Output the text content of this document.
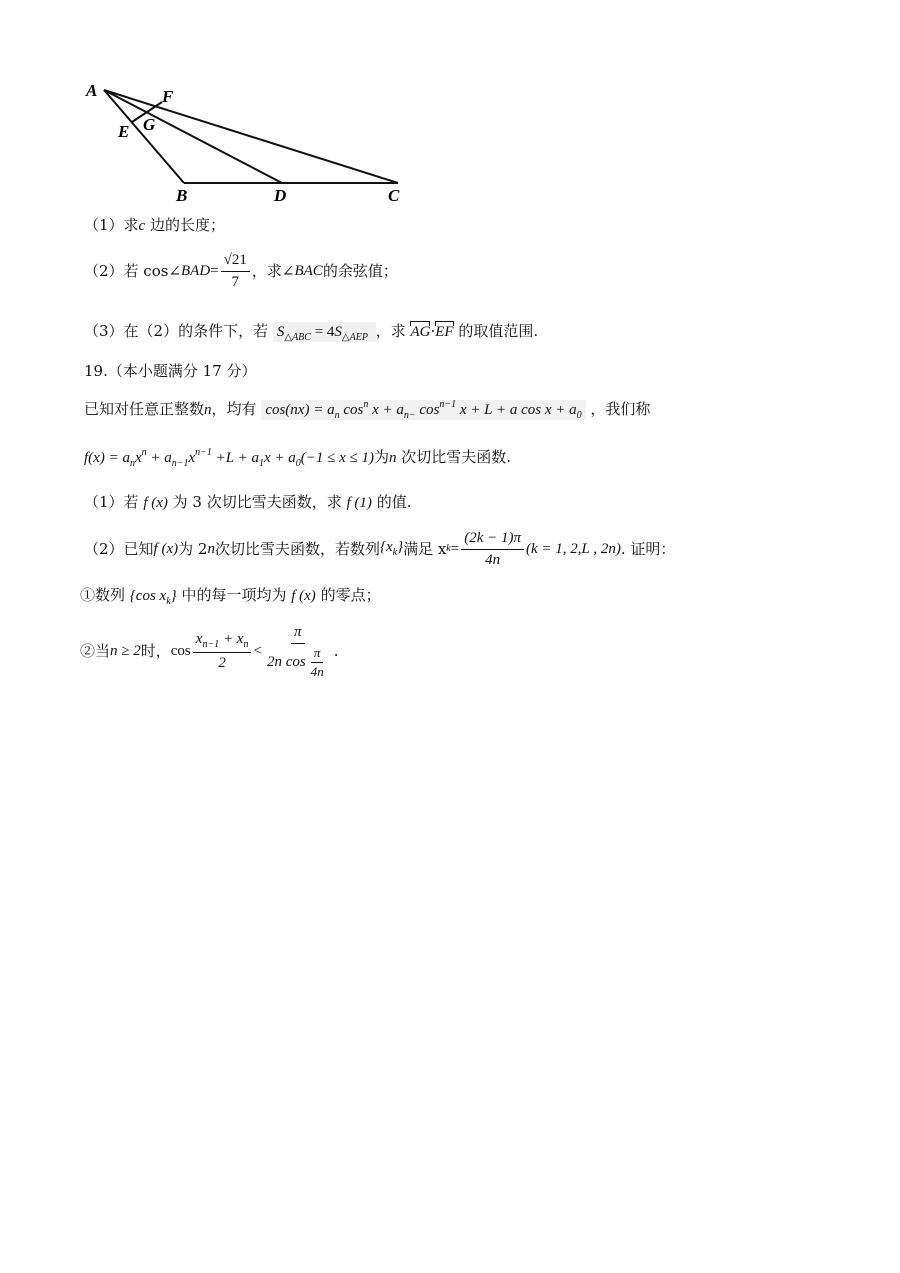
A	F
G
E
B	D	C
（1）求c 边的长度；
（2）若 cos∠ BAD = $\frac{√21}{7}$ ，求∠ BAC 的余弦值；
（3）在（2）的条件下，若 $S_{\triangle ABC} = 4S_{\triangle AEP}$ ，求 AG·EF 的取值范围.
19.（本小题满分 17 分）
已知对任意正整数n，均有 $\cos(nx) = a_n$ $\cos^n x + a_{n-}$ $\cos^{n-1} x + L + a$ $\cos x + a_0$ ，我们称
$f(x) = a_nx^n + a_{n-1}x^{n-1} +L + a_1x + a_0(-1 \le x \le 1)$为n 次切比雪夫函数.
（1）若 f (x) 为 3 次切比雪夫函数，求 f (1) 的值.
（2）已知 f (x) 为 2 n 次切比雪夫函数，若数列 $\{x_k\}$ 满足 x $k = \frac{(2k - 1)\pi}{4n} (k = 1$, 2,L , 2n) . 证明：
①数列 {cos $x_k$} 中的每一项均为 f (x) 的零点；
②当 n ≥ 2 时， $\cos \frac{x_{n-1} + x_n}{2} < \frac{\pi}{2n \cos \frac{\pi}{4n}}$ .
